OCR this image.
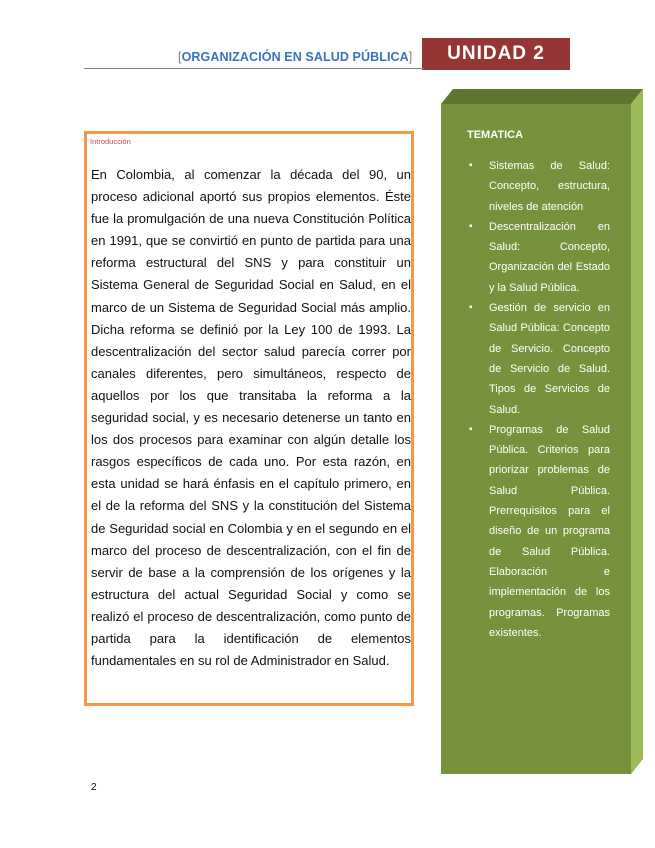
[ORGANIZACIÓN EN SALUD PÚBLICA]	UNIDAD 2
Introducción

En Colombia, al comenzar la década del 90, un proceso adicional aportó sus propios elementos. Éste fue la promulgación de una nueva Constitución Política en 1991, que se convirtió en punto de partida para una reforma estructural del SNS y para constituir un Sistema General de Seguridad Social en Salud, en el marco de un Sistema de Seguridad Social más amplio. Dicha reforma se definió por la Ley 100 de 1993. La descentralización del sector salud parecía correr por canales diferentes, pero simultáneos, respecto de aquellos por los que transitaba la reforma a la seguridad social, y es necesario detenerse un tanto en los dos procesos para examinar con algún detalle los rasgos específicos de cada uno. Por esta razón, en esta unidad se hará énfasis en el capítulo primero, en el de la reforma del SNS y la constitución del Sistema de Seguridad social en Colombia y en el segundo en el marco del proceso de descentralización, con el fin de servir de base a la comprensión de los orígenes y la estructura del actual Seguridad Social y como se realizó el proceso de descentralización, como punto de partida para la identificación de elementos fundamentales en su rol de Administrador en Salud.

TEMATICA
▪ Sistemas de Salud: Concepto, estructura, niveles de atención
▪ Descentralización en Salud: Concepto, Organización del Estado y la Salud Pública.
▪ Gestión de servicio en Salud Pública: Concepto de Servicio. Concepto de Servicio de Salud. Tipos de Servicios de Salud.
▪ Programas de Salud Pública. Criterios para priorizar problemas de Salud Pública. Prerrequisitos para el diseño de un programa de Salud Pública. Elaboración e implementación de los programas. Programas existentes.
2
